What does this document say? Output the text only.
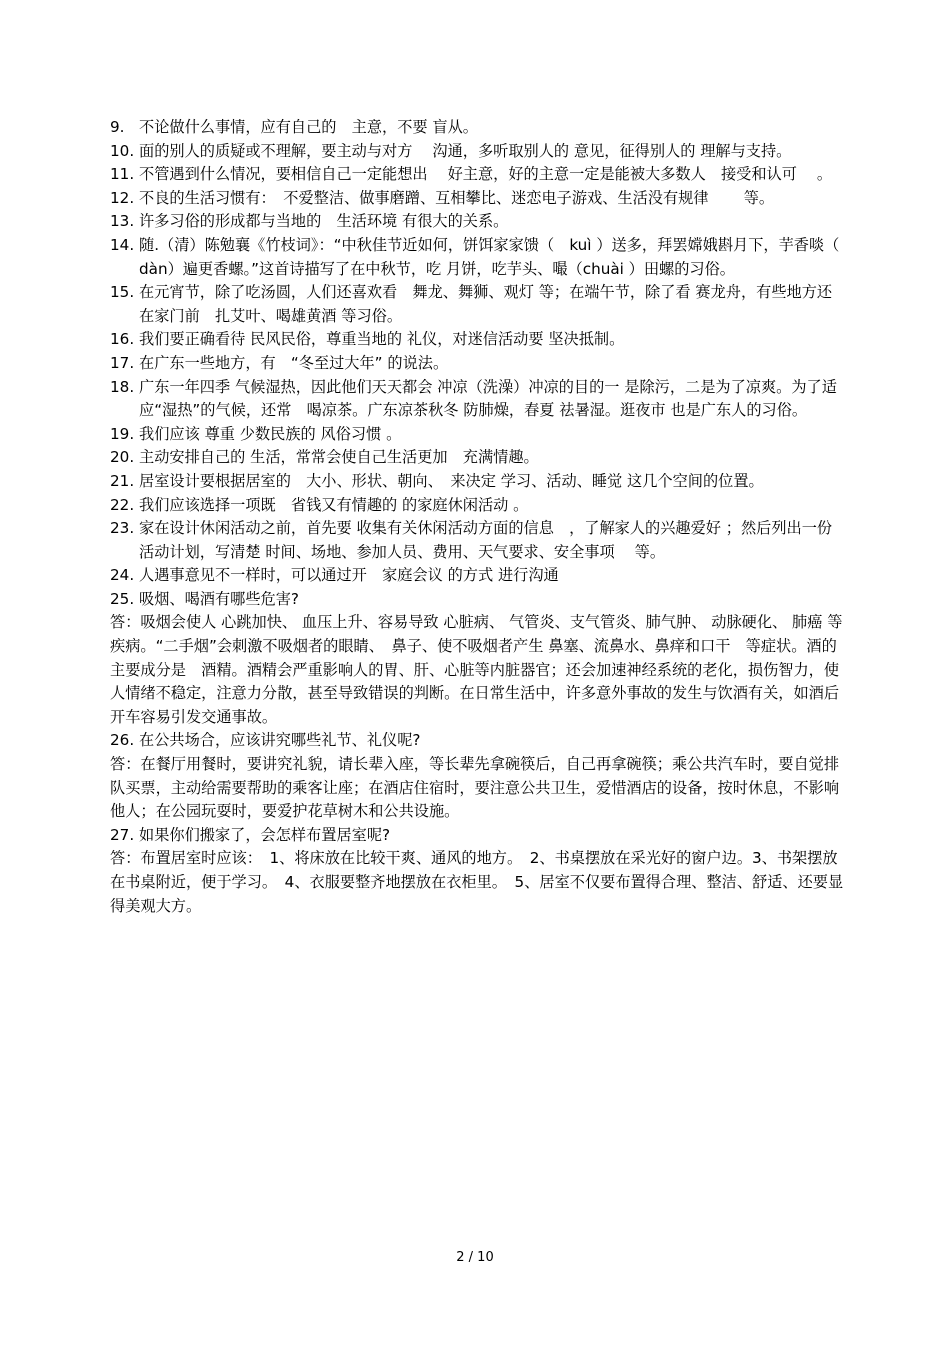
9. 不论做什么事情，应有自己的　主意，不要 盲从。
10. 面的别人的质疑或不理解，要主动与对方　 沟通，多听取别人的 意见，征得别人的 理解与支持。
11. 不管遇到什么情况，要相信自己一定能想出　 好主意，好的主意一定是能被大多数人　接受和认可　 。
12. 不良的生活习惯有：　不爱整洁、做事磨蹭、互相攀比、迷恋电子游戏、生活没有规律　　 等。
13. 许多习俗的形成都与当地的　生活环境 有很大的关系。
14. 随.（清）陈勉襄《竹枝词》：“中秋佳节近如何，饼饵家家馈（　kuì ）送多，拜罢嫦娥斟月下，芋香啖（ dàn）遍更香螺。”这首诗描写了在中秋节，吃 月饼，吃芋头、嘬（chuài ）田螺的习俗。
15. 在元宵节，除了吃汤圆，人们还喜欢看　舞龙、舞狮、观灯 等；在端午节，除了看 赛龙舟，有些地方还在家门前　扎艾叶、喝雄黄酒 等习俗。
16. 我们要正确看待 民风民俗，尊重当地的 礼仪，对迷信活动要 坚决抵制。
17. 在广东一些地方，有　“冬至过大年” 的说法。
18. 广东一年四季 气候湿热，因此他们天天都会 冲凉（洗澡）冲凉的目的一 是除污，二是为了凉爽。为了适应“湿热”的气候，还常　喝凉茶。广东凉茶秋冬 防肺燥，春夏 祛暑湿。逛夜市 也是广东人的习俗。
19. 我们应该 尊重 少数民族的 风俗习惯 。
20. 主动安排自己的 生活，常常会使自己生活更加　充满情趣。
21. 居室设计要根据居室的　大小、形状、朝向、　来决定 学习、活动、睡觉 这几个空间的位置。
22. 我们应该选择一项既　省钱又有情趣的 的家庭休闲活动 。
23. 家在设计休闲活动之前，首先要 收集有关休闲活动方面的信息　，了解家人的兴趣爱好 ；然后列出一份 活动计划，写清楚 时间、场地、参加人员、费用、天气要求、安全事项　 等。
24. 人遇事意见不一样时，可以通过开　家庭会议 的方式 进行沟通
25. 吸烟、喝酒有哪些危害?

答：吸烟会使人 心跳加快、 血压上升、容易导致 心脏病、 气管炎、支气管炎、肺气肿、 动脉硬化、 肺癌 等疾病。“二手烟”会刺激不吸烟者的眼睛、　鼻子、使不吸烟者产生 鼻塞、流鼻水、鼻痒和口干　等症状。酒的主要成分是　酒精。酒精会严重影响人的胃、肝、心脏等内脏器官；还会加速神经系统的老化，损伤智力，使人情绪不稳定，注意力分散，甚至导致错误的判断。在日常生活中，许多意外事故的发生与饮酒有关，如酒后开车容易引发交通事故。

26. 在公共场合，应该讲究哪些礼节、礼仪呢?

答：在餐厅用餐时，要讲究礼貌，请长辈入座，等长辈先拿碗筷后，自己再拿碗筷；乘公共汽车时，要自觉排队买票，主动给需要帮助的乘客让座；在酒店住宿时，要注意公共卫生，爱惜酒店的设备，按时休息，不影响他人；在公园玩耍时，要爱护花草树木和公共设施。

27. 如果你们搬家了，会怎样布置居室呢?

答：布置居室时应该：　1、将床放在比较干爽、通风的地方。　2、书桌摆放在采光好的窗户边。3、书架摆放在书桌附近，便于学习。　4、衣服要整齐地摆放在衣柜里。　5、居室不仅要布置得合理、整洁、舒适、还要显得美观大方。

2 / 10
